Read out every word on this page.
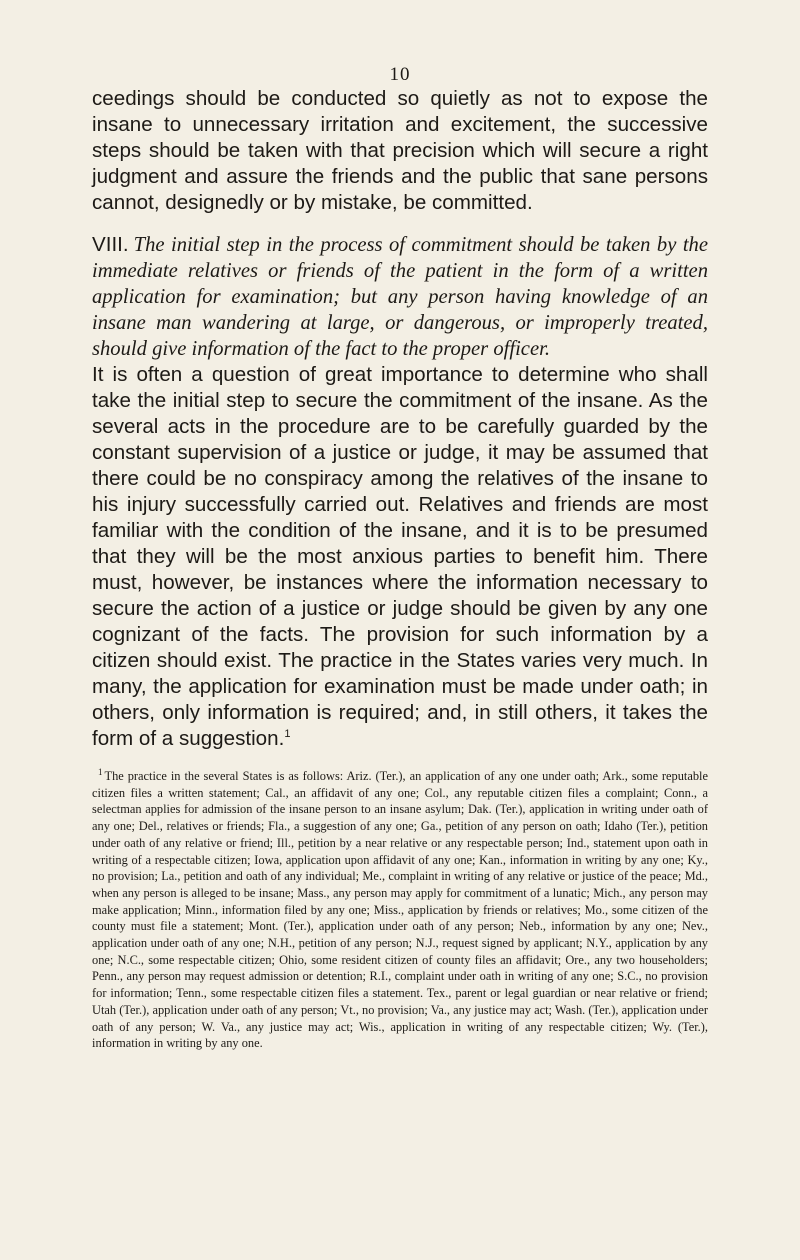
10

ceedings should be conducted so quietly as not to expose the insane to unnecessary irritation and excitement, the successive steps should be taken with that precision which will secure a right judgment and assure the friends and the public that sane persons cannot, designedly or by mistake, be committed.

VIII. The initial step in the process of commitment should be taken by the immediate relatives or friends of the patient in the form of a written application for examination; but any person having knowledge of an insane man wandering at large, or dangerous, or improperly treated, should give information of the fact to the proper officer.

It is often a question of great importance to determine who shall take the initial step to secure the commitment of the insane. As the several acts in the procedure are to be carefully guarded by the constant supervision of a justice or judge, it may be assumed that there could be no conspiracy among the relatives of the insane to his injury successfully carried out. Relatives and friends are most familiar with the condition of the insane, and it is to be presumed that they will be the most anxious parties to benefit him. There must, however, be instances where the information necessary to secure the action of a justice or judge should be given by any one cognizant of the facts. The provision for such information by a citizen should exist. The practice in the States varies very much. In many, the application for examination must be made under oath; in others, only information is required; and, in still others, it takes the form of a suggestion.$^1$

$^1$ The practice in the several States is as follows: Ariz. (Ter.), an application of any one under oath; Ark., some reputable citizen files a written statement; Cal., an affidavit of any one; Col., any reputable citizen files a complaint; Conn., a selectman applies for admission of the insane person to an insane asylum; Dak. (Ter.), application in writing under oath of any one; Del., relatives or friends; Fla., a suggestion of any one; Ga., petition of any person on oath; Idaho (Ter.), petition under oath of any relative or friend; Ill., petition by a near relative or any respectable person; Ind., statement upon oath in writing of a respectable citizen; Iowa, application upon affidavit of any one; Kan., information in writing by any one; Ky., no provision; La., petition and oath of any individual; Me., complaint in writing of any relative or justice of the peace; Md., when any person is alleged to be insane; Mass., any person may apply for commitment of a lunatic; Mich., any person may make application; Minn., information filed by any one; Miss., application by friends or relatives; Mo., some citizen of the county must file a statement; Mont. (Ter.), application under oath of any person; Neb., information by any one; Nev., application under oath of any one; N.H., petition of any person; N.J., request signed by applicant; N.Y., application by any one; N.C., some respectable citizen; Ohio, some resident citizen of county files an affidavit; Ore., any two householders; Penn., any person may request admission or detention; R.I., complaint under oath in writing of any one; S.C., no provision for information; Tenn., some respectable citizen files a statement. Tex., parent or legal guardian or near relative or friend; Utah (Ter.), application under oath of any person; Vt., no provision; Va., any justice may act; Wash. (Ter.), application under oath of any person; W. Va., any justice may act; Wis., application in writing of any respectable citizen; Wy. (Ter.), information in writing by any one.
